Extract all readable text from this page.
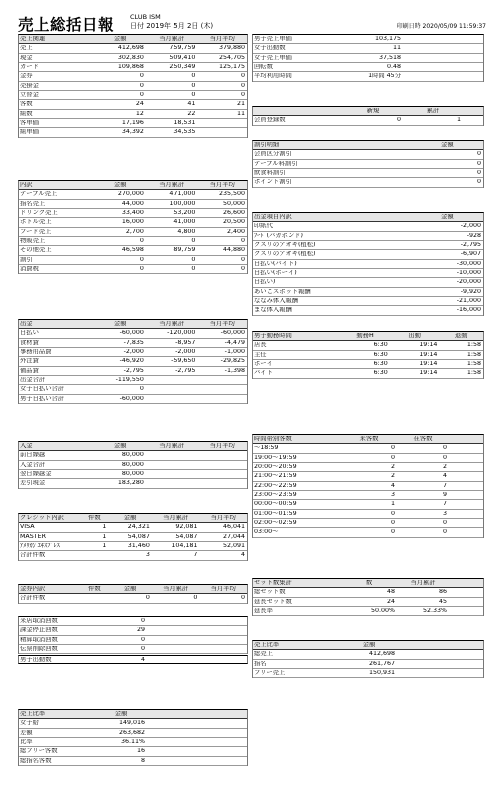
売上総括日報 CLUB ISM
日付 2019年 5月 2日 (木)	印刷日時 2020/05/09 11:59:37
売上関連	金額	当月累計	当月平均
売上	412,698	759,759	379,880
現金	302,830	509,410	254,705
カード	109,868	250,349	125,175
金券	0	0	0
売掛金	0	0	0
立替金	0	0	0
客数	24	41	21
組数	12	22	11
客単価	17,196	18,531
組単価	34,392	34,535
内訳	金額	当月累計	当月平均
テーブル売上	270,000	471,000	235,500
指名売上	44,000	100,000	50,000
ドリンク売上	33,400	53,200	26,600
ボトル売上	16,000	41,000	20,500
フード売上	2,700	4,800	2,400
物販売上	0	0	0
その他売上	46,598	89,759	44,880
割引	0	0	0
消費税	0	0	0
出金	金額	当月累計	当月平均
日払い	-60,000	-120,000	-60,000
食材費	-7,835	-8,957	-4,479
事務用品費	-2,000	-2,000	-1,000
外注費	-46,920	-59,650	-29,825
備品費	-2,795	-2,795	-1,398
出金合計	-119,550
女子日払い合計	0
男子日払い合計	-60,000
入金	金額	当月累計	当月平均
前日繰越	80,000
入金合計	80,000
翌日繰越金	80,000
差引現金	183,280
クレジット内訳	件数	金額	当月累計	当月平均
VISA	1	24,321	92,081	46,041
MASTER	1	54,087	54,087	27,044
ｱﾒﾘｶﾝ ｴｷｽﾌﾟﾚｽ	1	31,460	104,181	52,091
合計件数	3	7	4
金券内訳	件数	金額	当月累計	当月平均
合計件数	0	0	0
来店取消回数	0
課金停止回数	29
精算取消回数	0
伝票削除回数	0
男子出勤数	4
売上比率	金額
女子給	149,016
差額	263,682
比率	36.11%
総フリー客数	16
総指名客数	8
男子売上単価	103,175
女子出勤数	11
女子売上単価	37,518
回転数	0.48
平均利用時間	1時間 45分
新規	累計
会員登録数	0	1
割引明細	金額
会員区分割引	0
テーブル料割引	0
飲食料割引	0
ポイント割引	0
出金項目内訳	金額
印紙代	-2,000
ﾌｰﾄﾞ(バガボンド)	-928
クスリのアオキ(植松)	-2,795
クスリのアオキ(植松)	-6,907
日払い(バイト)	-30,000
日払い(ボーイ)	-10,000
日払い)	-20,000
あいこスポット報酬	-9,920
ななみ体入報酬	-21,000
まな体入報酬	-16,000
男子勤務時間	勤務H	出勤	退勤
店長	6:30	19:14	1:58
主任	6:30	19:14	1:58
ボーイ	6:30	19:14	1:58
バイト	6:30	19:14	1:58
時間帯別客数	来客数	在客数
～18:59	0	0
19:00～19:59	0	0
20:00～20:59	2	2
21:00～21:59	2	4
22:00～22:59	4	7
23:00～23:59	3	9
00:00～00:59	1	7
01:00～01:59	0	3
02:00～02:59	0	0
03:00～	0	0
セット数集計	数	当月累計
総セット数	48	86
延長セット数	24	45
延長率	50.00%	52.33%
売上比率	金額
総売上	412,698
指名	261,767
フリー売上	150,931
